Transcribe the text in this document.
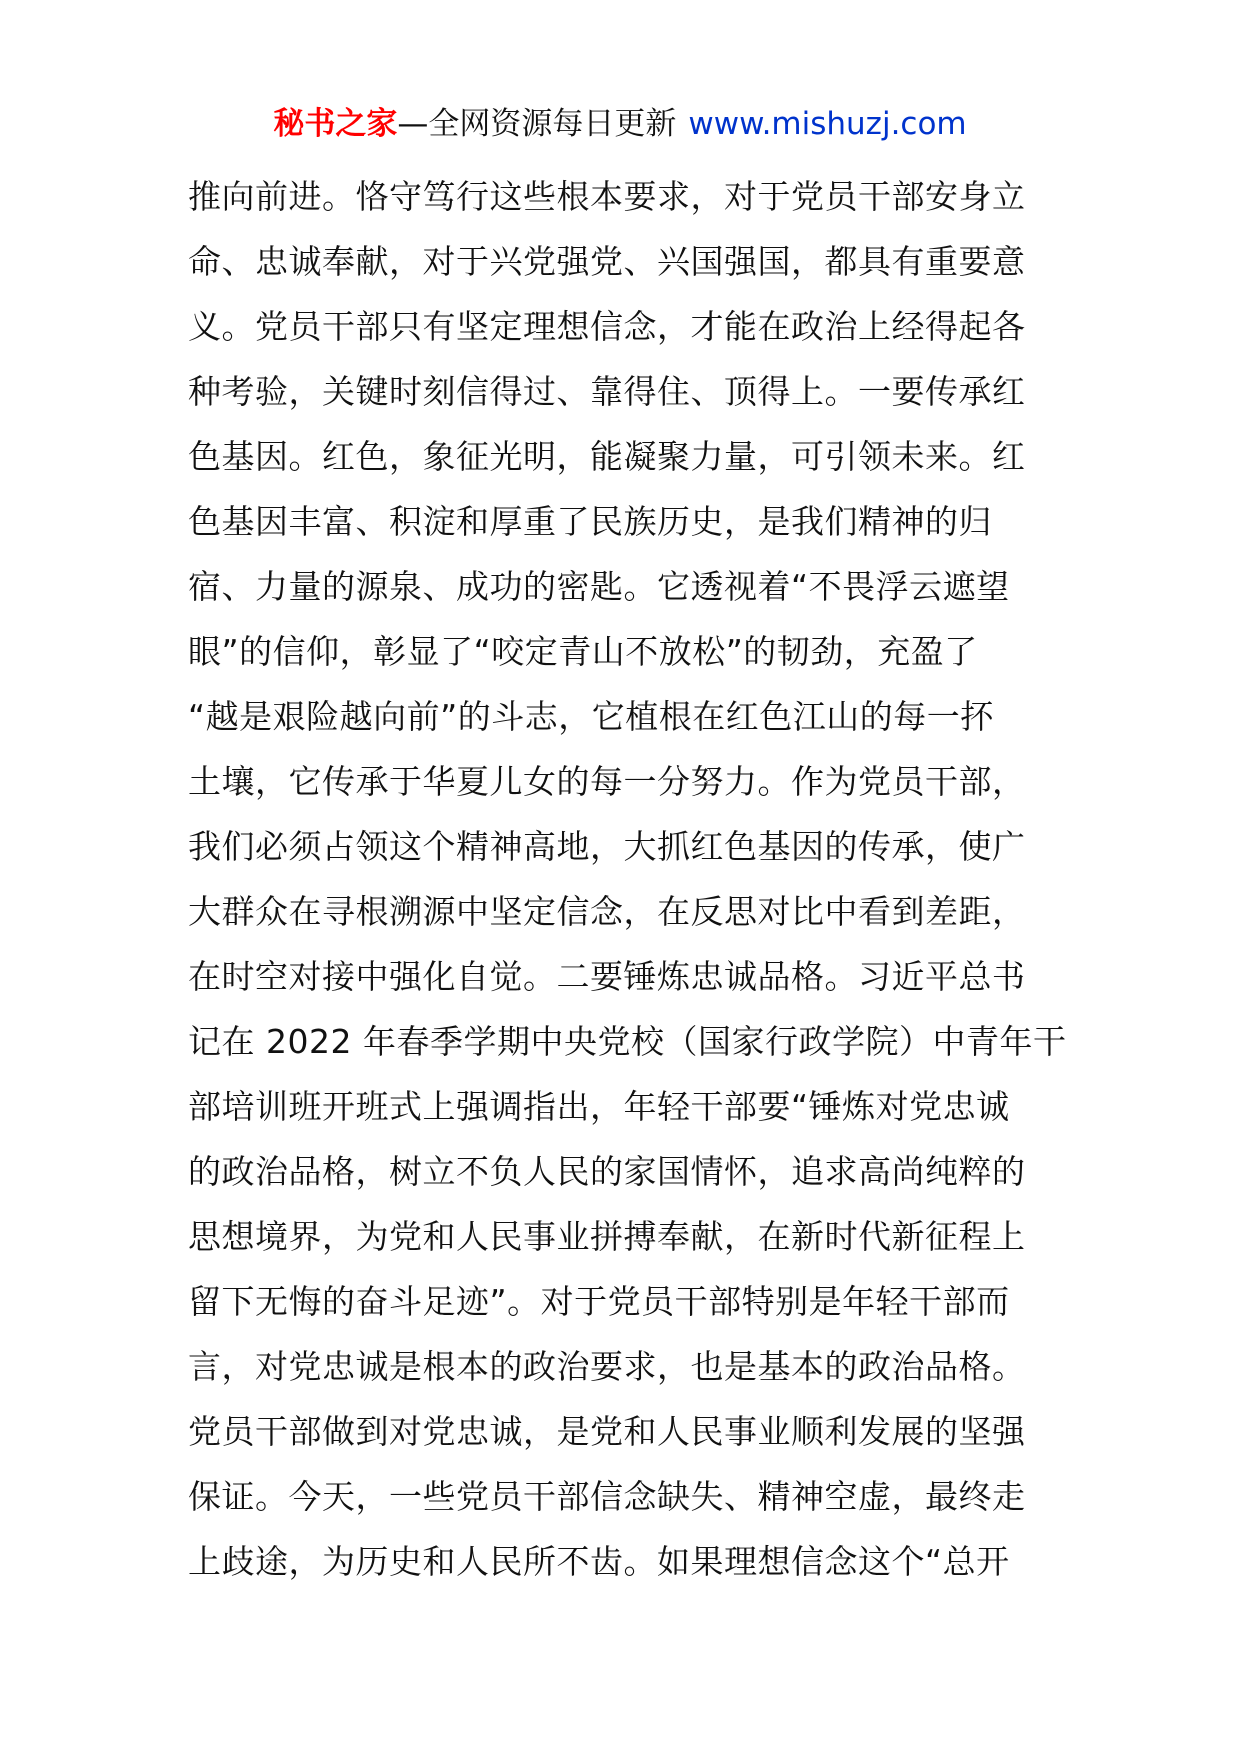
秘书之家—全网资源每日更新 www.mishuzj.com
推向前进。恪守笃行这些根本要求，对于党员干部安身立
命、忠诚奉献，对于兴党强党、兴国强国，都具有重要意
义。党员干部只有坚定理想信念，才能在政治上经得起各
种考验，关键时刻信得过、靠得住、顶得上。一要传承红
色基因。红色，象征光明，能凝聚力量，可引领未来。红
色基因丰富、积淀和厚重了民族历史，是我们精神的归
宿、力量的源泉、成功的密匙。它透视着“不畏浮云遮望
眼”的信仰，彰显了“咬定青山不放松”的韧劲，充盈了
“越是艰险越向前”的斗志，它植根在红色江山的每一抔
土壤，它传承于华夏儿女的每一分努力。作为党员干部，
我们必须占领这个精神高地，大抓红色基因的传承，使广
大群众在寻根溯源中坚定信念，在反思对比中看到差距，
在时空对接中强化自觉。二要锤炼忠诚品格。习近平总书
记在 2022 年春季学期中央党校（国家行政学院）中青年干
部培训班开班式上强调指出，年轻干部要“锤炼对党忠诚
的政治品格，树立不负人民的家国情怀，追求高尚纯粹的
思想境界，为党和人民事业拼搏奉献，在新时代新征程上
留下无悔的奋斗足迹”。对于党员干部特别是年轻干部而
言，对党忠诚是根本的政治要求，也是基本的政治品格。
党员干部做到对党忠诚，是党和人民事业顺利发展的坚强
保证。今天，一些党员干部信念缺失、精神空虚，最终走
上歧途，为历史和人民所不齿。如果理想信念这个“总开
